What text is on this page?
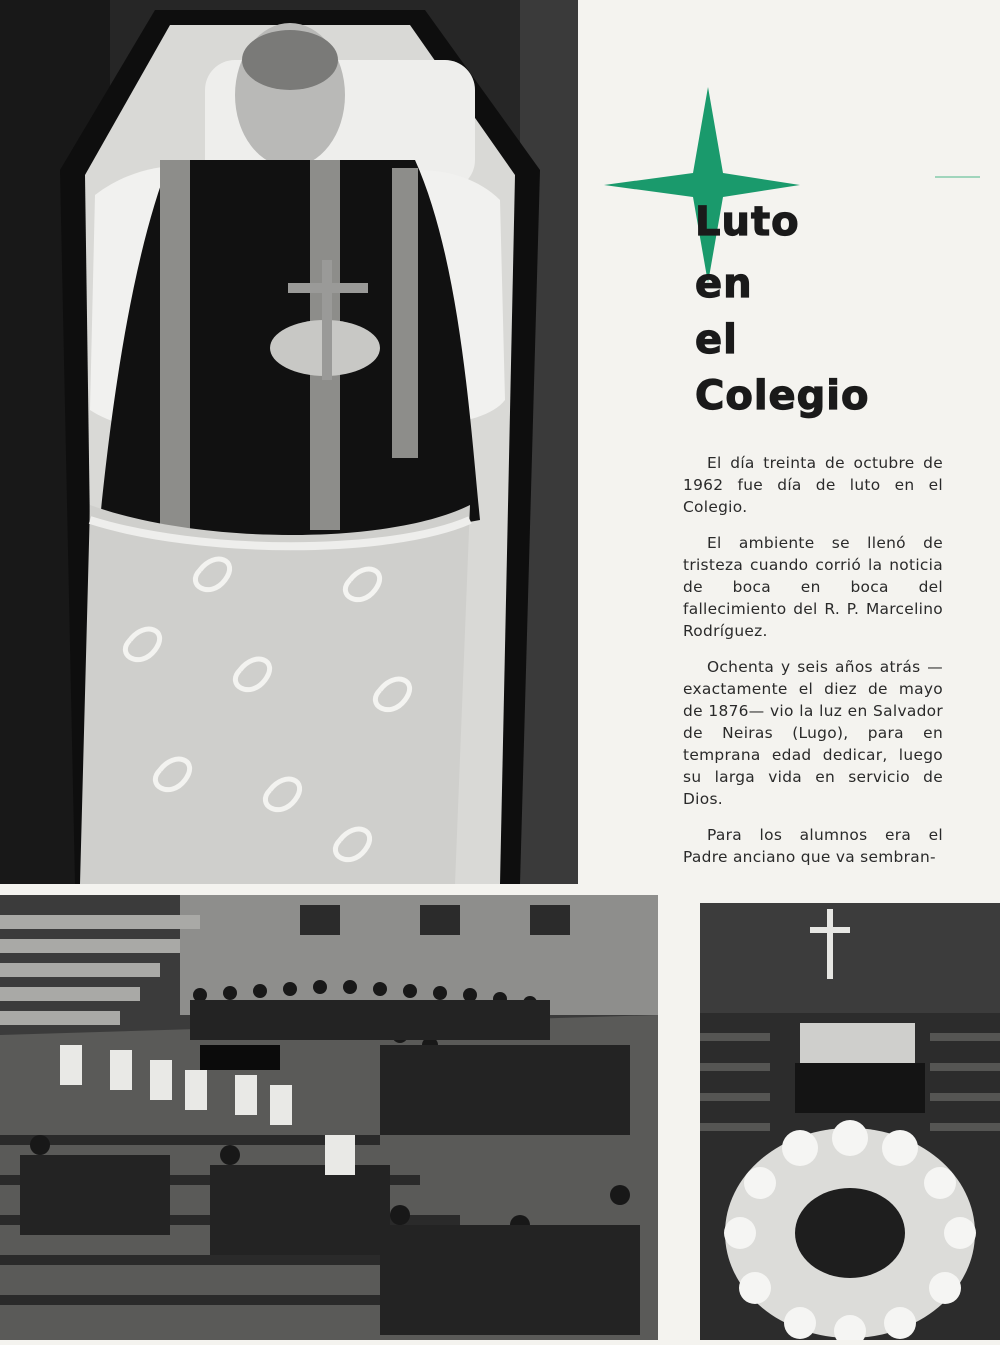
Luto
en
el
Colegio

El día treinta de octubre de 1962 fue día de luto en el Colegio.

El ambiente se llenó de tristeza cuando corrió la noticia de boca en boca del fallecimiento del R. P. Marcelino Rodríguez.

Ochenta y seis años atrás —exactamente el diez de mayo de 1876— vio la luz en Salvador de Neiras (Lugo), para en temprana edad dedicar, luego su larga vida en servicio de Dios.

Para los alumnos era el Padre anciano que va sembran-
